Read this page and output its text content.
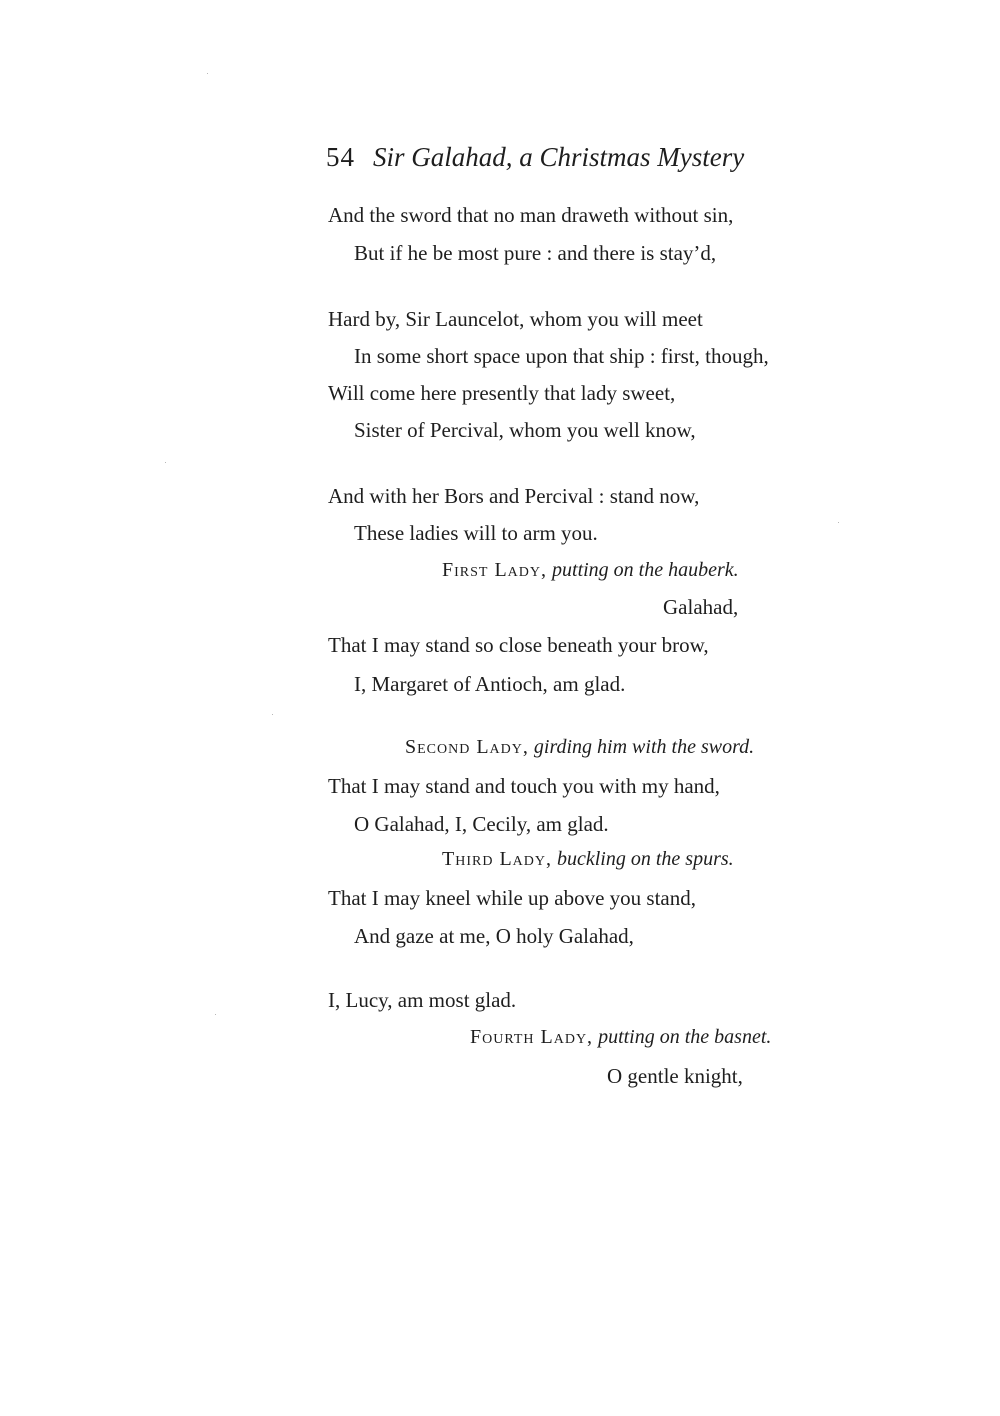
54 Sir Galahad, a Christmas Mystery
And the sword that no man draweth without sin,
But if he be most pure : and there is stay’d,
Hard by, Sir Launcelot, whom you will meet
In some short space upon that ship : first, though,
Will come here presently that lady sweet,
Sister of Percival, whom you well know,
And with her Bors and Percival : stand now,
These ladies will to arm you.
First Lady, putting on the hauberk.
Galahad,
That I may stand so close beneath your brow,
I, Margaret of Antioch, am glad.
Second Lady, girding him with the sword.
That I may stand and touch you with my hand,
O Galahad, I, Cecily, am glad.
Third Lady, buckling on the spurs.
That I may kneel while up above you stand,
And gaze at me, O holy Galahad,
I, Lucy, am most glad.
Fourth Lady, putting on the basnet.
O gentle knight,
